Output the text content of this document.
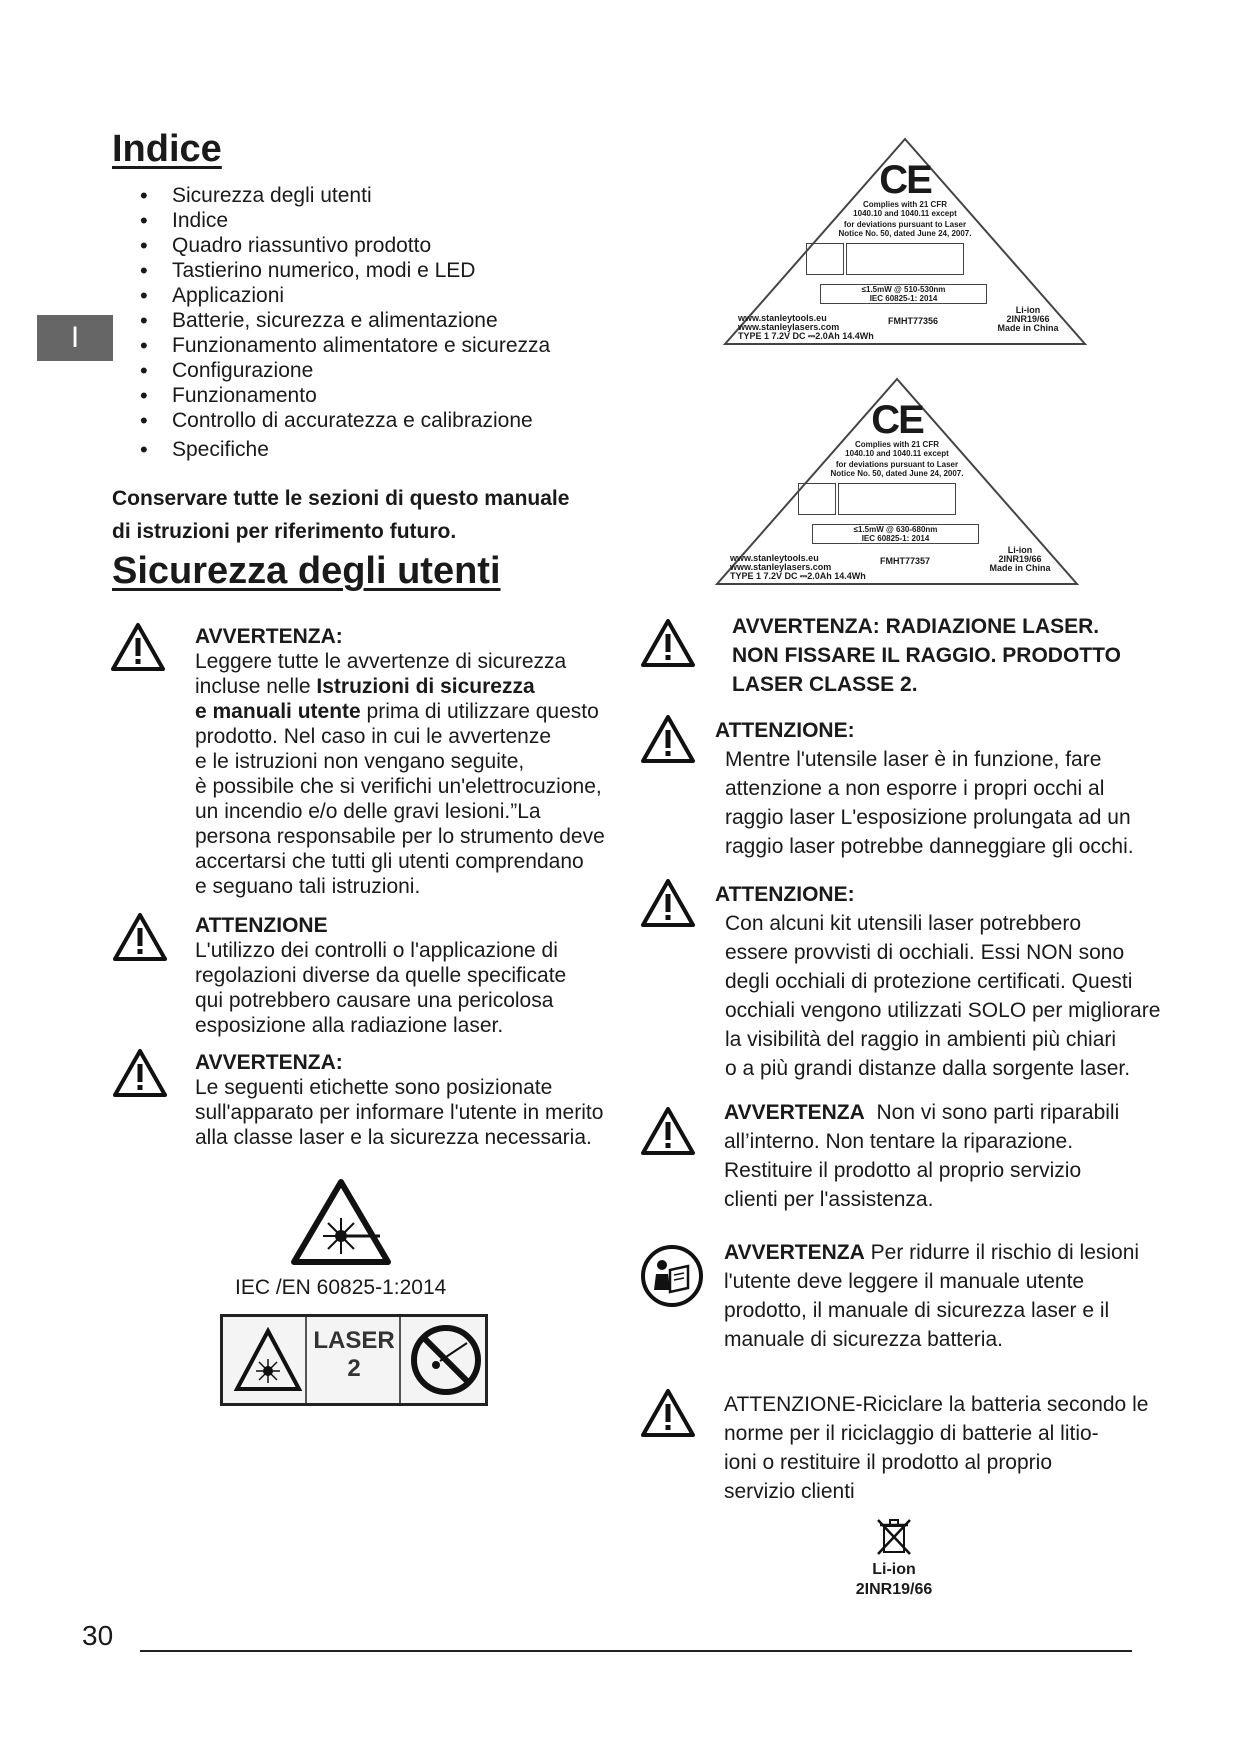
I
Indice
• Sicurezza degli utenti
• Indice
• Quadro riassuntivo prodotto
• Tastierino numerico, modi e LED
• Applicazioni
• Batterie, sicurezza e alimentazione
• Funzionamento alimentatore e sicurezza
• Configurazione
• Funzionamento
• Controllo di accuratezza e calibrazione
• Specifiche
Conservare tutte le sezioni di questo manuale
di istruzioni per riferimento futuro.
Sicurezza degli utenti
AVVERTENZA:
Leggere tutte le avvertenze di sicurezza
incluse nelle Istruzioni di sicurezza
e manuali utente prima di utilizzare questo
prodotto. Nel caso in cui le avvertenze
e le istruzioni non vengano seguite,
è possibile che si verifichi un'elettrocuzione,
un incendio e/o delle gravi lesioni.”La
persona responsabile per lo strumento deve
accertarsi che tutti gli utenti comprendano
e seguano tali istruzioni.
ATTENZIONE
L'utilizzo dei controlli o l'applicazione di
regolazioni diverse da quelle specificate
qui potrebbero causare una pericolosa
esposizione alla radiazione laser.
AVVERTENZA:
Le seguenti etichette sono posizionate
sull'apparato per informare l'utente in merito
alla classe laser e la sicurezza necessaria.
IEC /EN 60825-1:2014
LASER
2
CE
Complies with 21 CFR
1040.10 and 1040.11 except
for deviations pursuant to Laser
Notice No. 50, dated June 24, 2007.
≤1.5mW @ 510-530nm
IEC 60825-1: 2014
www.stanleytools.eu
www.stanleylasers.com
TYPE 1 7.2V DC ⎓2.0Ah 14.4Wh
FMHT77356
Li-ion
2INR19/66
Made in China
CE
Complies with 21 CFR
1040.10 and 1040.11 except
for deviations pursuant to Laser
Notice No. 50, dated June 24, 2007.
≤1.5mW @ 630-680nm
IEC 60825-1: 2014
www.stanleytools.eu
www.stanleylasers.com
TYPE 1 7.2V DC ⎓2.0Ah 14.4Wh
FMHT77357
Li-ion
2INR19/66
Made in China
AVVERTENZA: RADIAZIONE LASER.
NON FISSARE IL RAGGIO. PRODOTTO
LASER CLASSE 2.
ATTENZIONE:
Mentre l'utensile laser è in funzione, fare
attenzione a non esporre i propri occhi al
raggio laser L'esposizione prolungata ad un
raggio laser potrebbe danneggiare gli occhi.
ATTENZIONE:
Con alcuni kit utensili laser potrebbero
essere provvisti di occhiali. Essi NON sono
degli occhiali di protezione certificati. Questi
occhiali vengono utilizzati SOLO per migliorare
la visibilità del raggio in ambienti più chiari
o a più grandi distanze dalla sorgente laser.
AVVERTENZA Non vi sono parti riparabili
all’interno. Non tentare la riparazione.
Restituire il prodotto al proprio servizio
clienti per l'assistenza.
AVVERTENZA Per ridurre il rischio di lesioni
l'utente deve leggere il manuale utente
prodotto, il manuale di sicurezza laser e il
manuale di sicurezza batteria.
ATTENZIONE-Riciclare la batteria secondo le
norme per il riciclaggio di batterie al litio-
ioni o restituire il prodotto al proprio
servizio clienti
Li-ion
2INR19/66
30
